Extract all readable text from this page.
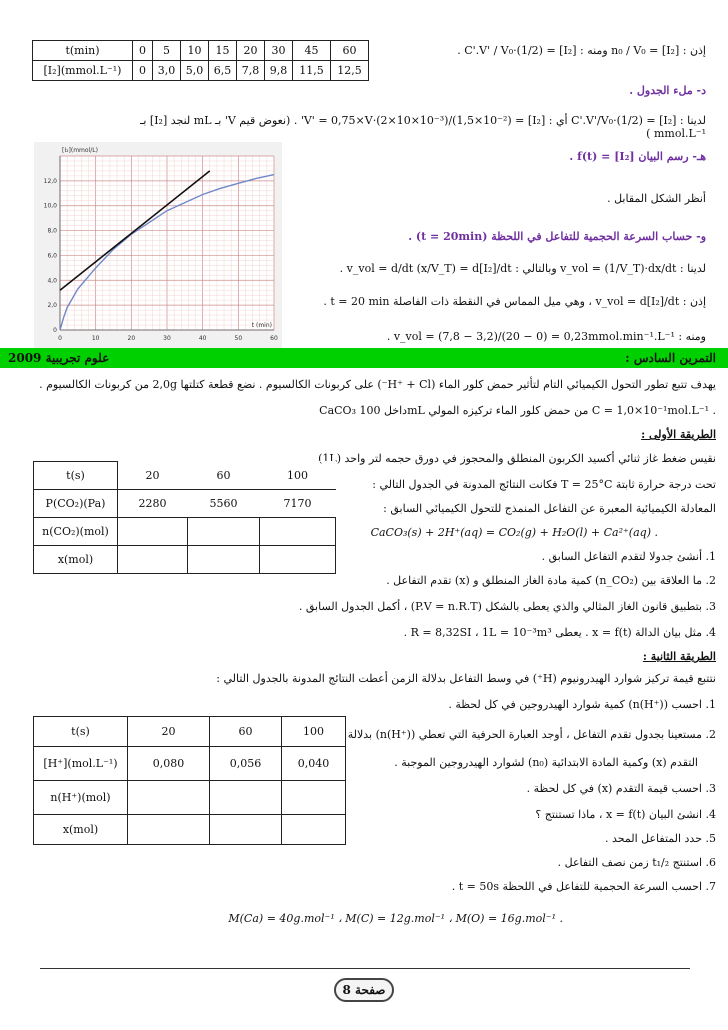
t(min)	0	5	10	15	20	30	45	60
[I₂](mmol.L⁻¹)	0	3,0	5,0	6,5	7,8	9,8	11,5	12,5
إذن : [I₂] = n₀ / V₀ ومنه : [I₂] = (1/2)·C'.V' / V₀ .
د- ملء الجدول .
لدينا : [I₂] = (1/2)·C'.V'/V₀ أي : [I₂] = (1,5×10⁻²)/(2×10×10⁻³)·V' = 0,75×V' . (نعوض قيم V' بـ mL لنجد [I₂] بـ mmol.L⁻¹ )
هـ- رسم البيان [I₂] = f(t) .
أنظر الشكل المقابل .
و- حساب السرعة الحجمية للتفاعل في اللحظة (t = 20min) .
لدينا : v_vol = (1/V_T)·dx/dt وبالتالي : v_vol = d/dt (x/V_T) = d[I₂]/dt .
إذن : v_vol = d[I₂]/dt ، وهي ميل المماس في النقطة ذات الفاصلة t = 20 min .
ومنه : v_vol = (7,8 − 3,2)/(20 − 0) = 0,23mmol.min⁻¹.L⁻¹ .
0	10	20	30	40	50	60
0
2,0
4,0
6,0
8,0
10,0
12,0
[I₂](mmol/L)
t (min)
التمرين السادس :
علوم تجريبية 2009
يهدف تتبع تطور التحول الكيميائي التام لتأثير حمض كلور الماء (H⁺ + Cl⁻) على كربونات الكالسيوم . نضع قطعة كتلتها 2,0g من كربونات الكالسيوم .
CaCO₃ داخل 100mL من حمض كلور الماء تركيزه المولي C = 1,0×10⁻¹mol.L⁻¹ .
الطريقة الأولى :
نقيس ضغط غاز ثنائي أكسيد الكربون المنطلق والمحجوز في دورق حجمه لتر واحد (1L)
تحت درجة حرارة ثابتة T = 25°C فكانت النتائج المدونة في الجدول التالي :
المعادلة الكيميائية المعبرة عن التفاعل المنمذج للتحول الكيميائي السابق :
CaCO₃(s) + 2H⁺(aq) = CO₂(g) + H₂O(l) + Ca²⁺(aq) .
1. أنشئ جدولا لتقدم التفاعل السابق .
2. ما العلاقة بين (n_CO₂) كمية مادة الغاز المنطلق و (x) تقدم التفاعل .
3. بتطبيق قانون الغاز المثالي والذي يعطى بالشكل (P.V = n.R.T) ، أكمل الجدول السابق .
4. مثل بيان الدالة x = f(t) . يعطى R = 8,32SI ، 1L = 10⁻³m³ .
الطريقة الثانية :
نتتبع قيمة تركيز شوارد الهيدرونيوم (H⁺) في وسط التفاعل بدلالة الزمن أعطت النتائج المدونة بالجدول التالي :
1. احسب (n(H⁺)) كمية شوارد الهيدروجين في كل لحظة .
2. مستعينا بجدول تقدم التفاعل ، أوجد العبارة الحرفية التي تعطي (n(H⁺)) بدلالة
التقدم (x) وكمية المادة الابتدائية (n₀) لشوارد الهيدروجين الموجبة .
3. احسب قيمة التقدم (x) في كل لحظة .
4. انشئ البيان x = f(t) ، ماذا تستنتج ؟
5. حدد المتفاعل المحد .
6. استنتج t₁/₂ زمن نصف التفاعل .
7. احسب السرعة الحجمية للتفاعل في اللحظة t = 50s .
M(Ca) = 40g.mol⁻¹ ، M(C) = 12g.mol⁻¹ ، M(O) = 16g.mol⁻¹ .
t(s)	20	60	100
P(CO₂)(Pa)	2280	5560	7170
n(CO₂)(mol)			
x(mol)			
t(s)	20	60	100
[H⁺](mol.L⁻¹)	0,080	0,056	0,040
n(H⁺)(mol)			
x(mol)			
صفحة 8
